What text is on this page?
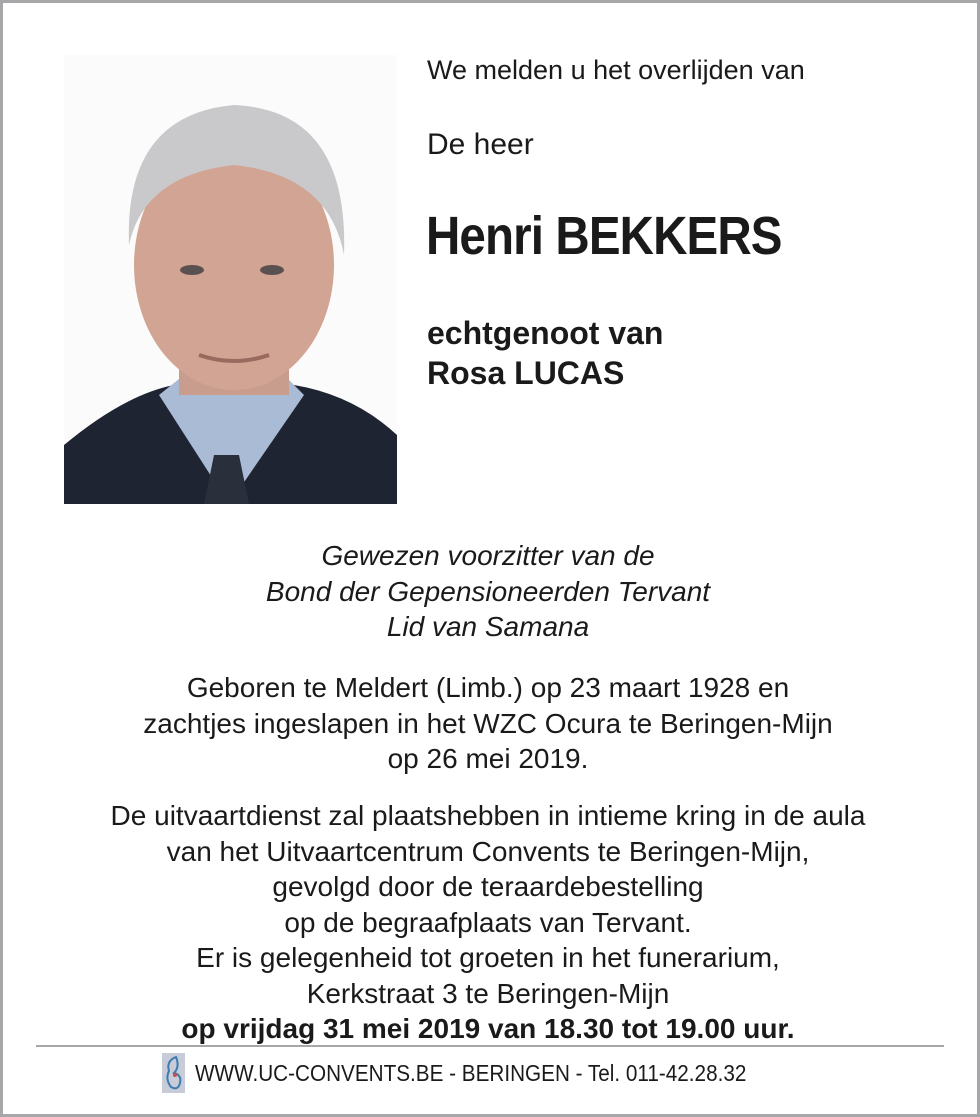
We melden u het overlijden van
De heer
Henri BEKKERS
echtgenoot van
Rosa LUCAS
Gewezen voorzitter van de
Bond der Gepensioneerden Tervant
Lid van Samana
Geboren te Meldert (Limb.) op 23 maart 1928 en
zachtjes ingeslapen in het WZC Ocura te Beringen-Mijn
op 26 mei 2019.
De uitvaartdienst zal plaatshebben in intieme kring in de aula
van het Uitvaartcentrum Convents te Beringen-Mijn,
gevolgd door de teraardebestelling
op de begraafplaats van Tervant.
Er is gelegenheid tot groeten in het funerarium,
Kerkstraat 3 te Beringen-Mijn
op vrijdag 31 mei 2019 van 18.30 tot 19.00 uur.
WWW.UC-CONVENTS.BE - BERINGEN - Tel. 011-42.28.32
